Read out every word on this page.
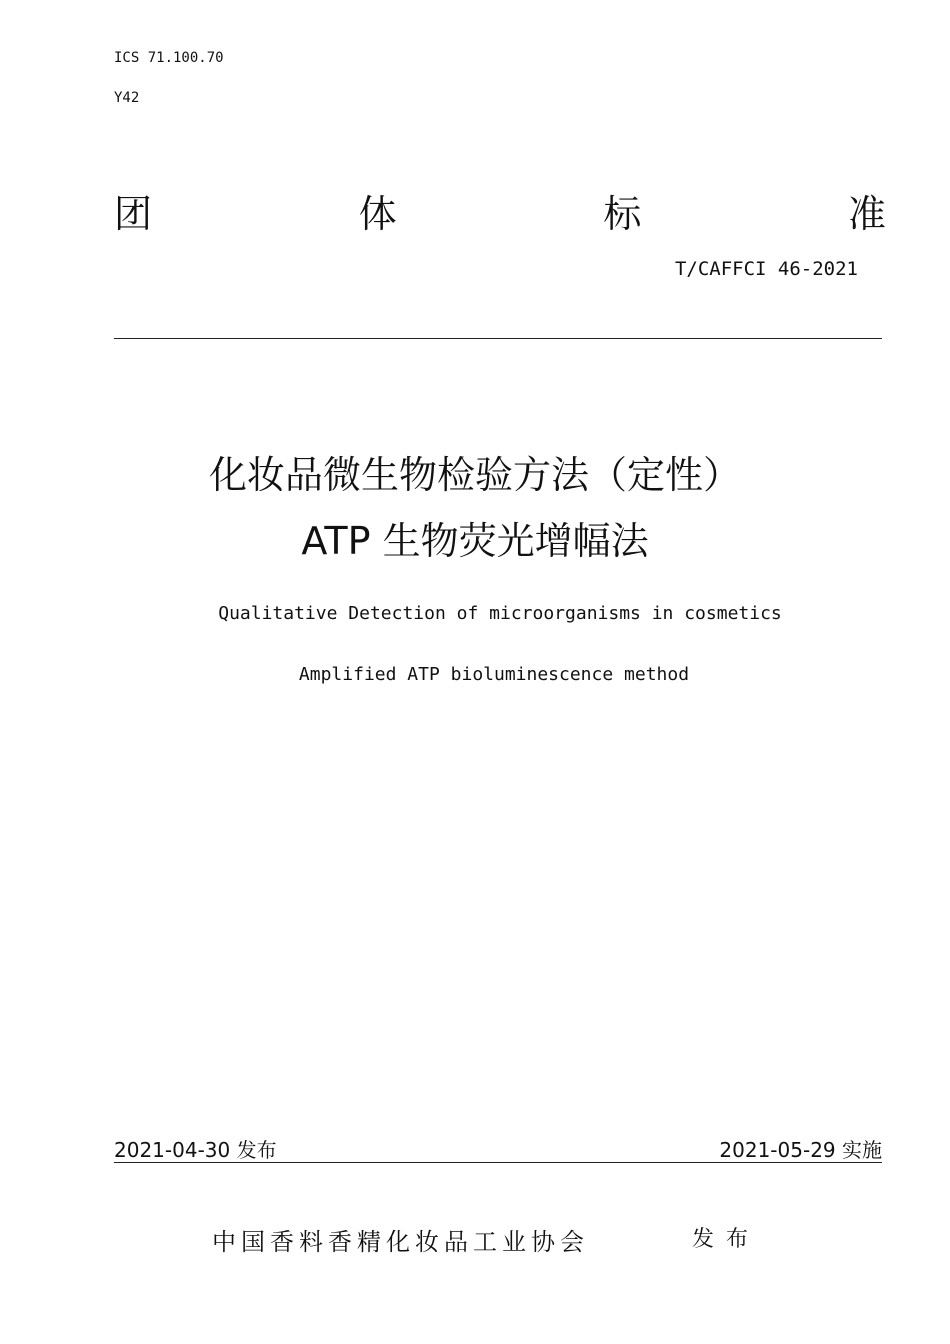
ICS 71.100.70
Y42
团	体	标	准
T/CAFFCI 46-2021
化妆品微生物检验方法（定性）
ATP 生物荧光增幅法
Qualitative Detection of microorganisms in cosmetics
Amplified ATP bioluminescence method
2021-04-30 发布	2021-05-29 实施
中国香料香精化妆品工业协会	发布
